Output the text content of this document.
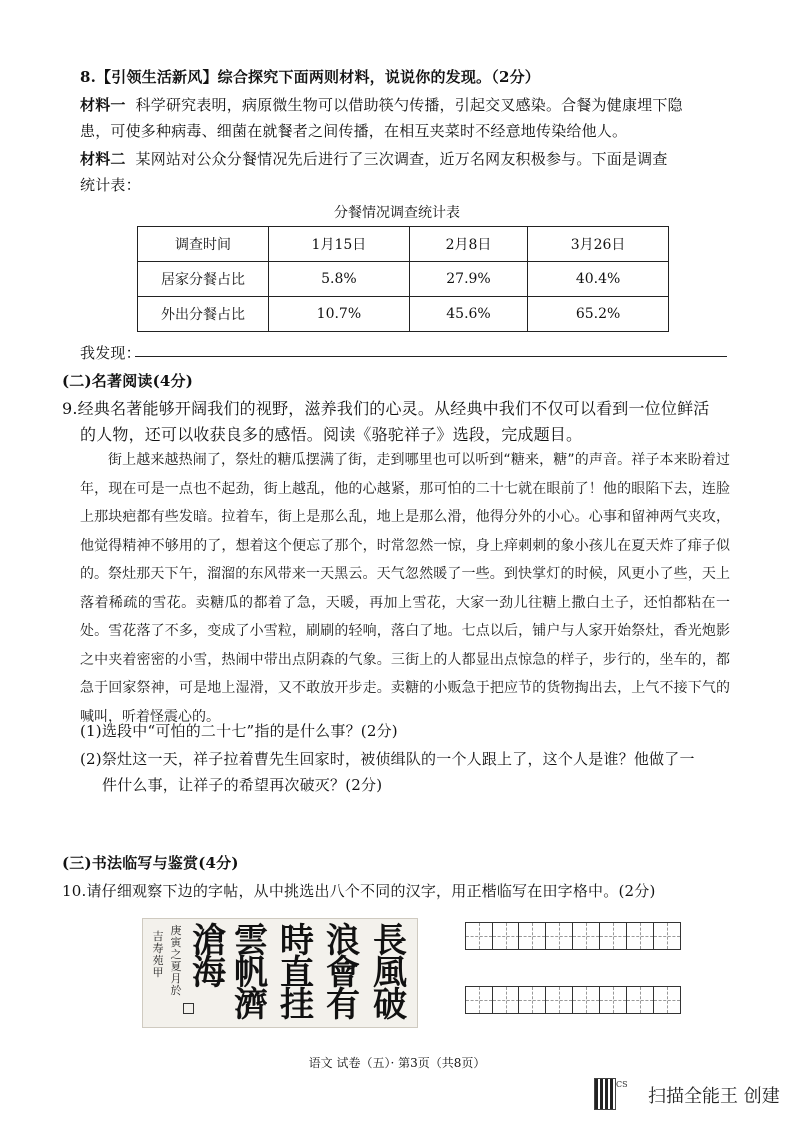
8.【引领生活新风】综合探究下面两则材料，说说你的发现。（2分）
材料一 科学研究表明，病原微生物可以借助筷勺传播，引起交叉感染。合餐为健康埋下隐
患，可使多种病毒、细菌在就餐者之间传播，在相互夹菜时不经意地传染给他人。
材料二 某网站对公众分餐情况先后进行了三次调查，近万名网友积极参与。下面是调查
统计表：
分餐情况调查统计表
调查时间	1月15日	2月8日	3月26日
居家分餐占比	5.8%	27.9%	40.4%
外出分餐占比	10.7%	45.6%	65.2%
我发现：
(二)名著阅读(4分)
9.经典名著能够开阔我们的视野，滋养我们的心灵。从经典中我们不仅可以看到一位位鲜活
的人物，还可以收获良多的感悟。阅读《骆驼祥子》选段，完成题目。
街上越来越热闹了，祭灶的糖瓜摆满了街，走到哪里也可以听到“糖来，糖”的声音。祥子本来盼着过年，现在可是一点也不起劲，街上越乱，他的心越紧，那可怕的二十七就在眼前了！他的眼陷下去，连脸上那块疤都有些发暗。拉着车，街上是那么乱，地上是那么滑，他得分外的小心。心事和留神两气夹攻，他觉得精神不够用的了，想着这个便忘了那个，时常忽然一惊，身上痒刺刺的象小孩儿在夏天炸了痱子似的。 祭灶那天下午，溜溜的东风带来一天黑云。天气忽然暖了一些。到快掌灯的时候，风更小了些，天上落着稀疏的雪花。卖糖瓜的都着了急，天暖，再加上雪花，大家一劲儿往糖上撒白土子，还怕都粘在一处。雪花落了不多，变成了小雪粒，刷刷的轻响，落白了地。七点以后，铺户与人家开始祭灶，香光炮影之中夹着密密的小雪，热闹中带出点阴森的气象。三街上的人都显出点惊急的样子，步行的，坐车的，都急于回家祭神，可是地上湿滑，又不敢放开步走。卖糖的小贩急于把应节的货物掏出去，上气不接下气的喊叫，听着怪震心的。
(1)选段中“可怕的二十七”指的是什么事？(2分)
(2)祭灶这一天，祥子拉着曹先生回家时，被侦缉队的一个人跟上了，这个人是谁？他做了一
件什么事，让祥子的希望再次破灭？(2分)
(三)书法临写与鉴赏(4分)
10.请仔细观察下边的字帖，从中挑选出八个不同的汉字，用正楷临写在田字格中。(2分)
長風破
浪會有
時直挂
雲帆濟
滄海
庚寅之夏月於
吉寿苑甲
语文 试卷（五）· 第3页（共8页）
CS
扫描全能王 创建
